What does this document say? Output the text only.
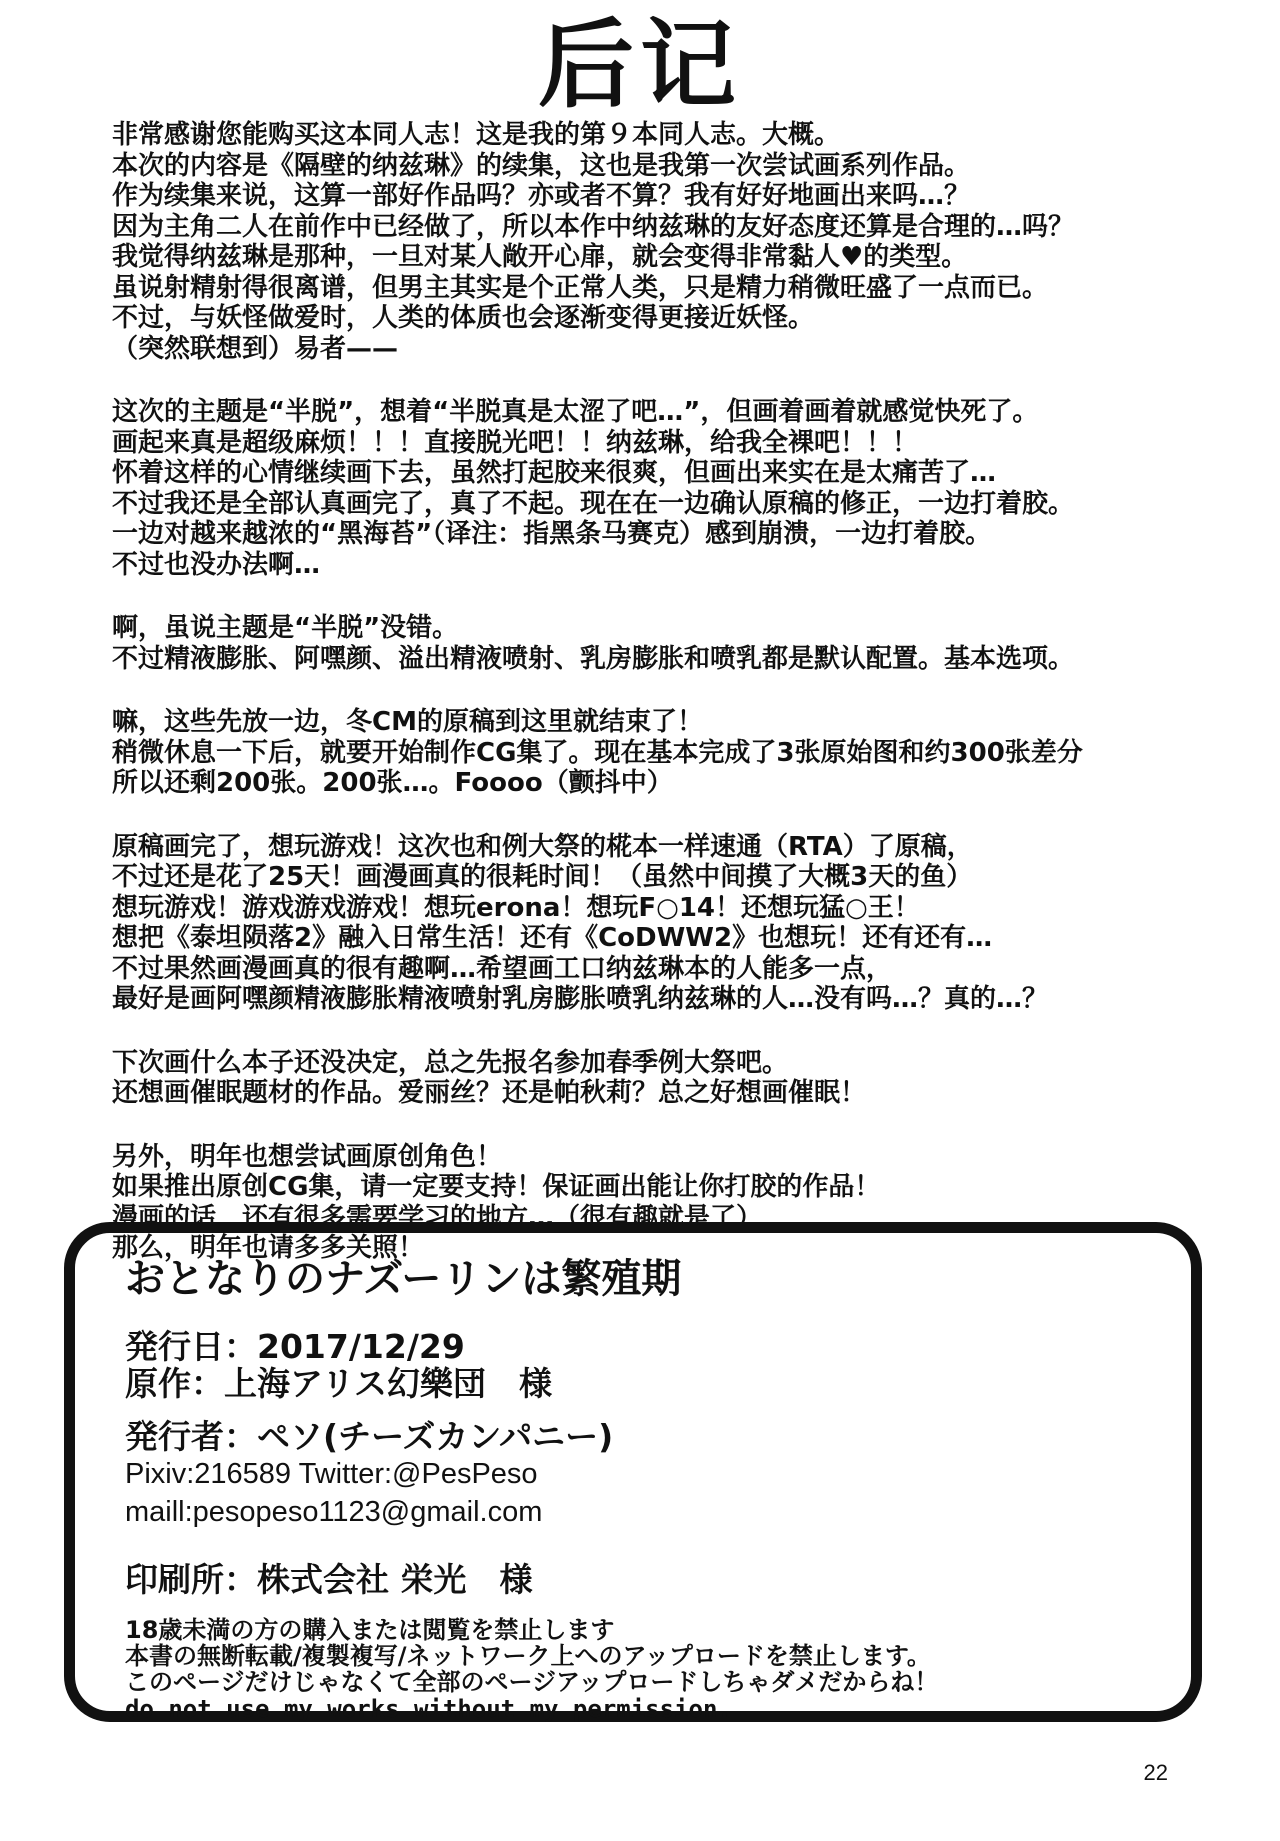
后记
非常感谢您能购买这本同人志！这是我的第９本同人志。大概。
本次的内容是《隔壁的纳兹琳》的续集，这也是我第一次尝试画系列作品。
作为续集来说，这算一部好作品吗？亦或者不算？我有好好地画出来吗…？
因为主角二人在前作中已经做了，所以本作中纳兹琳的友好态度还算是合理的…吗？
我觉得纳兹琳是那种，一旦对某人敞开心扉，就会变得非常黏人♥的类型。
虽说射精射得很离谱，但男主其实是个正常人类，只是精力稍微旺盛了一点而已。
不过，与妖怪做爱时，人类的体质也会逐渐变得更接近妖怪。
（突然联想到）易者——
这次的主题是“半脱”，想着“半脱真是太涩了吧…”，但画着画着就感觉快死了。
画起来真是超级麻烦！！！直接脱光吧！！纳兹琳，给我全裸吧！！！
怀着这样的心情继续画下去，虽然打起胶来很爽，但画出来实在是太痛苦了…
不过我还是全部认真画完了，真了不起。现在在一边确认原稿的修正，一边打着胶。
一边对越来越浓的“黑海苔”（译注：指黑条马赛克）感到崩溃，一边打着胶。
不过也没办法啊…
啊，虽说主题是“半脱”没错。
不过精液膨胀、阿嘿颜、溢出精液喷射、乳房膨胀和喷乳都是默认配置。基本选项。
嘛，这些先放一边，冬CM的原稿到这里就结束了！
稍微休息一下后，就要开始制作CG集了。现在基本完成了3张原始图和约300张差分
所以还剩200张。200张…。Foooo（颤抖中）
原稿画完了，想玩游戏！这次也和例大祭的椛本一样速通（RTA）了原稿，
不过还是花了25天！画漫画真的很耗时间！（虽然中间摸了大概3天的鱼）
想玩游戏！游戏游戏游戏！想玩erona！想玩F○14！还想玩猛○王！
想把《泰坦陨落2》融入日常生活！还有《CoDWW2》也想玩！还有还有…
不过果然画漫画真的很有趣啊…希望画工口纳兹琳本的人能多一点，
最好是画阿嘿颜精液膨胀精液喷射乳房膨胀喷乳纳兹琳的人…没有吗…？真的…？
下次画什么本子还没决定，总之先报名参加春季例大祭吧。
还想画催眠题材的作品。爱丽丝？还是帕秋莉？总之好想画催眠！
另外，明年也想尝试画原创角色！
如果推出原创CG集，请一定要支持！保证画出能让你打胶的作品！
漫画的话，还有很多需要学习的地方…（很有趣就是了）
那么，明年也请多多关照！
おとなりのナズーリンは繁殖期
発行日：2017/12/29
原作：上海アリス幻樂団　様
発行者：ペソ(チーズカンパニー)
Pixiv:216589 Twitter:@PesPeso
maill:pesopeso1123@gmail.com
印刷所：株式会社 栄光　様
18歳未満の方の購入または閲覧を禁止します
本書の無断転載/複製複写/ネットワーク上へのアップロードを禁止します。
このページだけじゃなくて全部のページアップロードしちゃダメだからね！
do not use my works without my permission.
22
